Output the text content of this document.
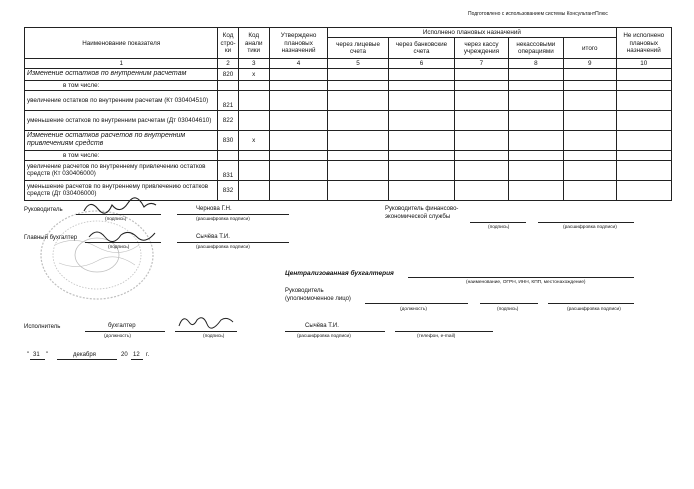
Подготовлено с использованием системы КонсультантПлюс
Наименование показателя	Код стро- ки	Код анали тики	Утверждено плановых назначений	Исполнено плановых назначений					Не исполнено плановых назначений
				через лицевые счета	через банковские счета	через кассу учреждения	некассовыми операциями	итого	
1	2	3	4	5	6	7	8	9	10
Изменение остатков по внутренним расчетам	820	x							
в том числе:									
увеличение остатков по внутренним расчетам (Кт 030404510)	821								
уменьшение остатков по внутренним расчетам (Дт 030404610)	822								
Изменение остатков расчетов по внутренним привлечениям средств	830	x							
в том числе:									
увеличение расчетов по внутреннему привлечению остатков средств (Кт 030406000)	831								
уменьшение расчетов по внутреннему привлечению остатков средств (Дт 030406000)	832								
Руководитель
(подпись)
Чернова Г.Н.
(расшифровка подписи)
Руководитель финансово-
экономической службы
(подпись)	(расшифровка подписи)
Главный бухгалтер
(подпись)
Сычёва Т.И.
(расшифровка подписи)
Централизованная бухгалтерия
(наименование, ОГРН, ИНН, КПП, местонахождение)
Руководитель
(уполномоченное лицо)
(должность)	(подпись)	(расшифровка подписи)
Исполнитель	бухгалтер
(должность)	(подпись)
Сычёва Т.И.
(расшифровка подписи)	(телефон, e-mail)
" 31 "	декабря	20 12 г.
